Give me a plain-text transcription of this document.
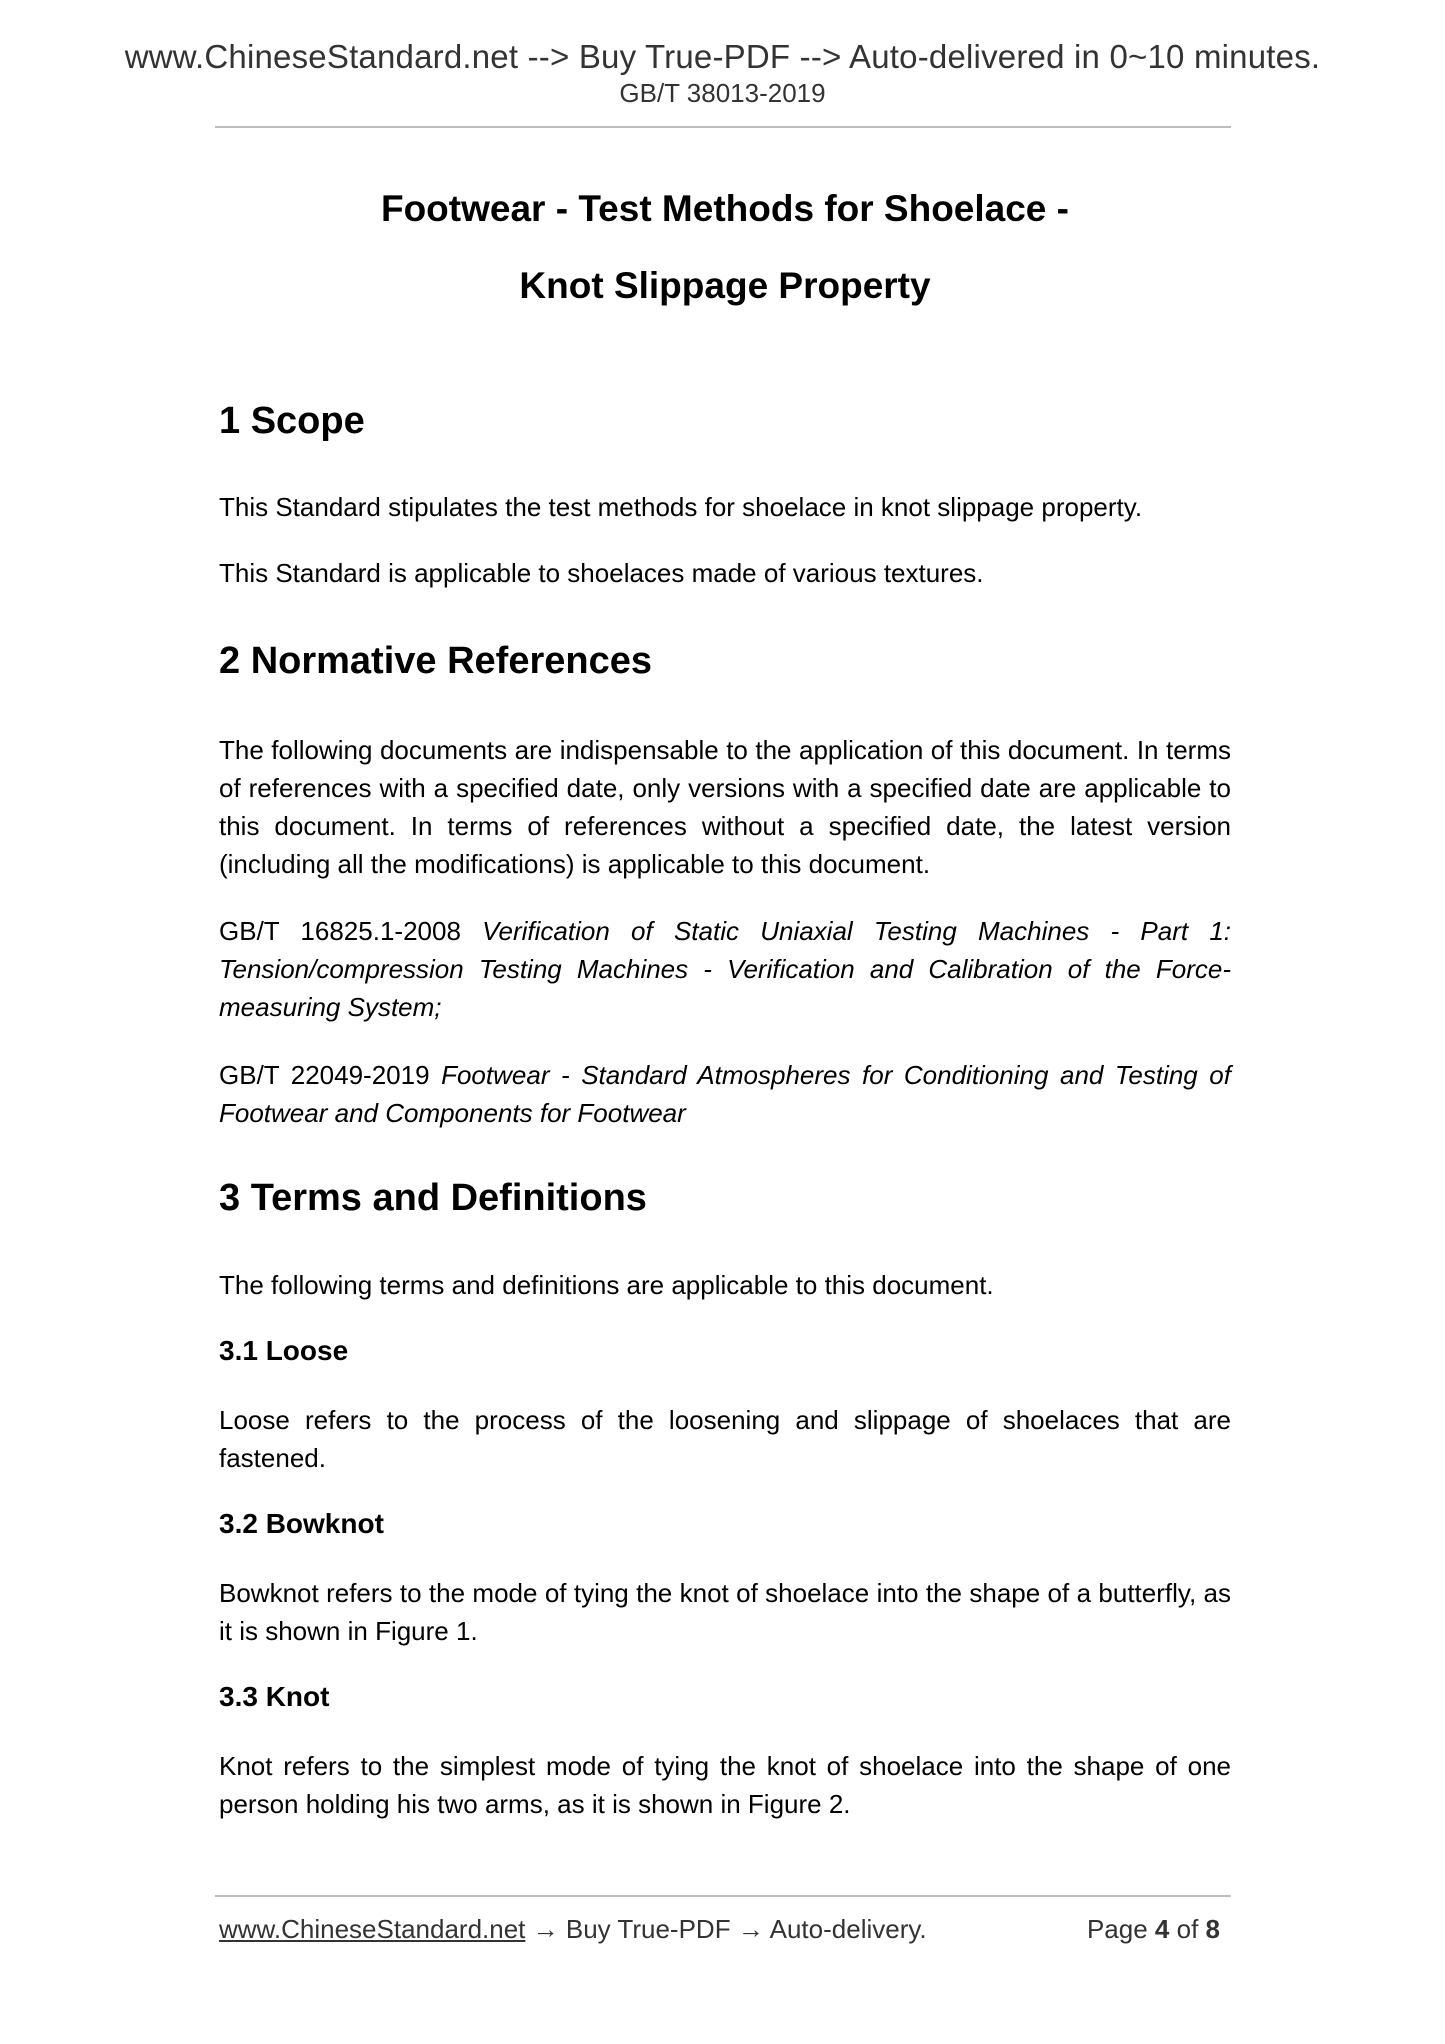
www.ChineseStandard.net --> Buy True-PDF --> Auto-delivered in 0~10 minutes.
GB/T 38013-2019
Footwear - Test Methods for Shoelace -
Knot Slippage Property
1 Scope
This Standard stipulates the test methods for shoelace in knot slippage property.
This Standard is applicable to shoelaces made of various textures.
2 Normative References
The following documents are indispensable to the application of this document. In terms of references with a specified date, only versions with a specified date are applicable to this document. In terms of references without a specified date, the latest version (including all the modifications) is applicable to this document.
GB/T 16825.1-2008 Verification of Static Uniaxial Testing Machines - Part 1: Tension/compression Testing Machines - Verification and Calibration of the Force-measuring System;
GB/T 22049-2019 Footwear - Standard Atmospheres for Conditioning and Testing of Footwear and Components for Footwear
3 Terms and Definitions
The following terms and definitions are applicable to this document.
3.1 Loose
Loose refers to the process of the loosening and slippage of shoelaces that are fastened.
3.2 Bowknot
Bowknot refers to the mode of tying the knot of shoelace into the shape of a butterfly, as it is shown in Figure 1.
3.3 Knot
Knot refers to the simplest mode of tying the knot of shoelace into the shape of one person holding his two arms, as it is shown in Figure 2.
www.ChineseStandard.net → Buy True-PDF → Auto-delivery.	Page 4 of 8
